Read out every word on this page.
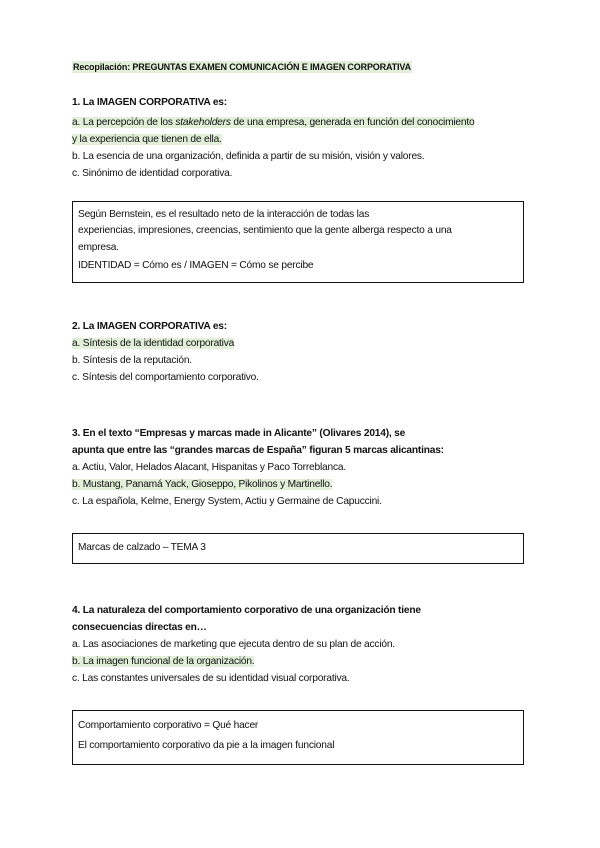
Recopilación: PREGUNTAS EXAMEN COMUNICACIÓN E IMAGEN CORPORATIVA
1. La IMAGEN CORPORATIVA es:
a. La percepción de los stakeholders de una empresa, generada en función del conocimiento
y la experiencia que tienen de ella.
b. La esencia de una organización, definida a partir de su misión, visión y valores.
c. Sinónimo de identidad corporativa.
Según Bernstein, es el resultado neto de la interacción de todas las
experiencias, impresiones, creencias, sentimiento que la gente alberga respecto a una
empresa.
IDENTIDAD = Cómo es / IMAGEN = Cómo se percibe
2. La IMAGEN CORPORATIVA es:
a. Síntesis de la identidad corporativa
b. Síntesis de la reputación.
c. Síntesis del comportamiento corporativo.
3. En el texto “Empresas y marcas made in Alicante” (Olivares 2014), se
apunta que entre las “grandes marcas de España” figuran 5 marcas alicantinas:
a. Actiu, Valor, Helados Alacant, Hispanitas y Paco Torreblanca.
b. Mustang, Panamá Yack, Gioseppo, Pikolinos y Martinello.
c. La española, Kelme, Energy System, Actiu y Germaine de Capuccini.
Marcas de calzado – TEMA 3
4. La naturaleza del comportamiento corporativo de una organización tiene
consecuencias directas en…
a. Las asociaciones de marketing que ejecuta dentro de su plan de acción.
b. La imagen funcional de la organización.
c. Las constantes universales de su identidad visual corporativa.
Comportamiento corporativo = Qué hacer
El comportamiento corporativo da pie a la imagen funcional
